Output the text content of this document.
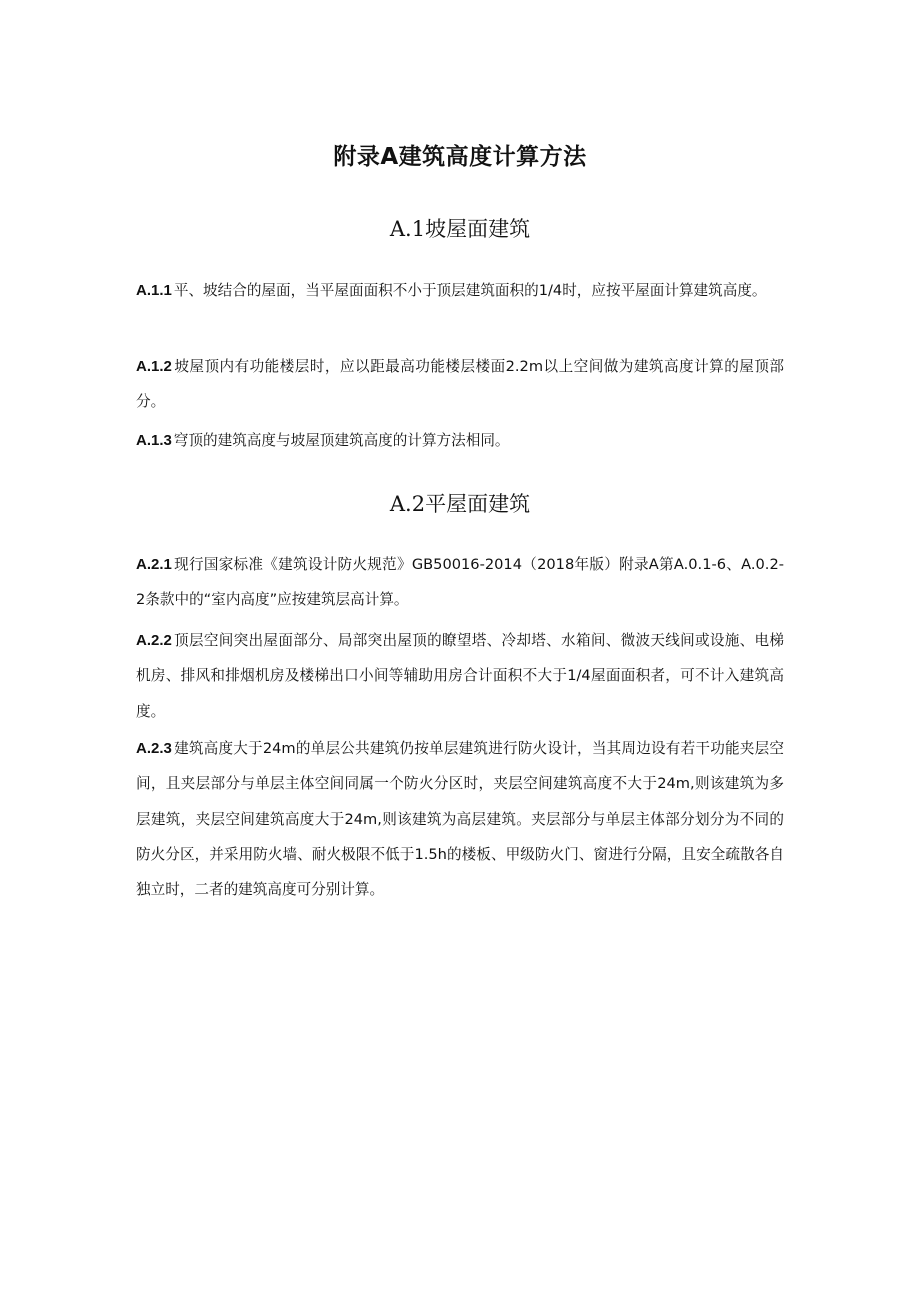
附录A建筑高度计算方法
A.1坡屋面建筑

A.1.1 平、坡结合的屋面，当平屋面面积不小于顶层建筑面积的1/4时，应按平屋面计算建筑高度。

A.1.2 坡屋顶内有功能楼层时，应以距最高功能楼层楼面2.2m以上空间做为建筑高度计算的屋顶部分。

A.1.3 穹顶的建筑高度与坡屋顶建筑高度的计算方法相同。

A.2平屋面建筑

A.2.1 现行国家标准《建筑设计防火规范》GB50016-2014（2018年版）附录A第A.0.1-6、A.0.2-2条款中的“室内高度”应按建筑层高计算。

A.2.2 顶层空间突出屋面部分、局部突出屋顶的瞭望塔、冷却塔、水箱间、微波天线间或设施、电梯机房、排风和排烟机房及楼梯出口小间等辅助用房合计面积不大于1/4屋面面积者，可不计入建筑高度。

A.2.3 建筑高度大于24m的单层公共建筑仍按单层建筑进行防火设计，当其周边设有若干功能夹层空间，且夹层部分与单层主体空间同属一个防火分区时，夹层空间建筑高度不大于24m,则该建筑为多层建筑，夹层空间建筑高度大于24m,则该建筑为高层建筑。夹层部分与单层主体部分划分为不同的防火分区，并采用防火墙、耐火极限不低于1.5h的楼板、甲级防火门、窗进行分隔，且安全疏散各自独立时，二者的建筑高度可分别计算。
